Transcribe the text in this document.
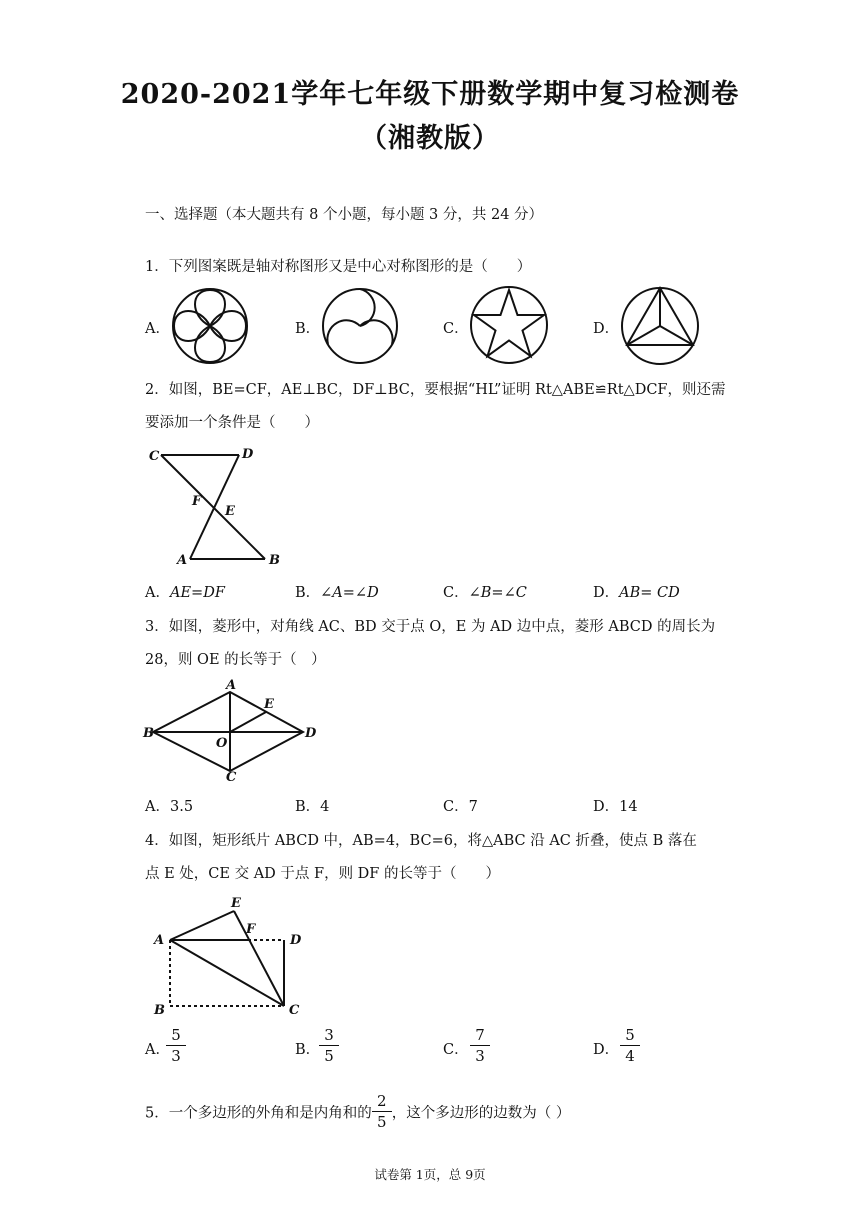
2020-2021学年七年级下册数学期中复习检测卷
（湘教版）
一、选择题（本大题共有 8 个小题，每小题 3 分，共 24 分）
1．下列图案既是轴对称图形又是中心对称图形的是（　　）
A．	B．	C．	D．
2．如图，BE=CF，AE⊥BC，DF⊥BC，要根据“HL”证明 Rt△ABE≌Rt△DCF，则还需
要添加一个条件是（　　）
C	D
F
E
A	B
A．AE=DF	B．∠A=∠D	C．∠B=∠C	D．AB= CD
3．如图，菱形中，对角线 AC、BD 交于点 O，E 为 AD 边中点，菱形 ABCD 的周长为
28，则 OE 的长等于（　）
A
B
C
D
E
O
A．3.5	B．4	C．7	D．14
4．如图，矩形纸片 ABCD 中，AB=4，BC=6，将△ABC 沿 AC 折叠，使点 B 落在
点 E 处，CE 交 AD 于点 F，则 DF 的长等于（　　）
A
B	C
D
E
F
A．
5
3	B．
3
5	C．
7
3	D．
5
4
5．一个多边形的外角和是内角和的 $\frac{2}{5}$ ，这个多边形的边数为（ ）
试卷第 1页，总 9页
